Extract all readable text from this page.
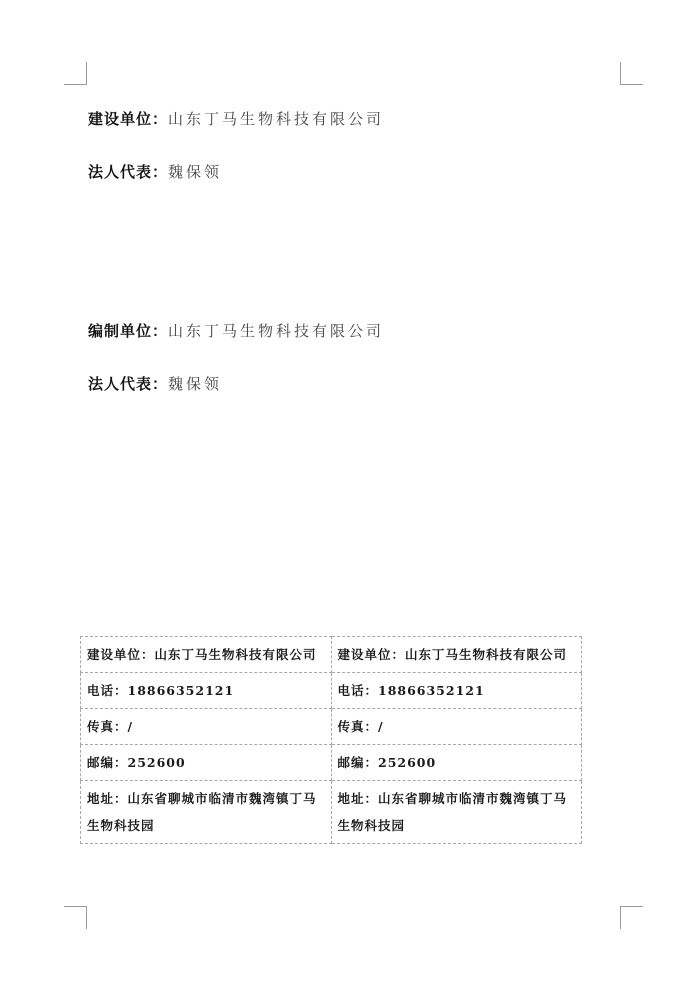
建设单位：山东丁马生物科技有限公司
法人代表：魏保领
编制单位：山东丁马生物科技有限公司
法人代表：魏保领
建设单位：山东丁马生物科技有限公司	建设单位：山东丁马生物科技有限公司
电话：18866352121	电话：18866352121
传真：/	传真：/
邮编：252600	邮编：252600
地址：山东省聊城市临清市魏湾镇丁马生物科技园	地址：山东省聊城市临清市魏湾镇丁马生物科技园
